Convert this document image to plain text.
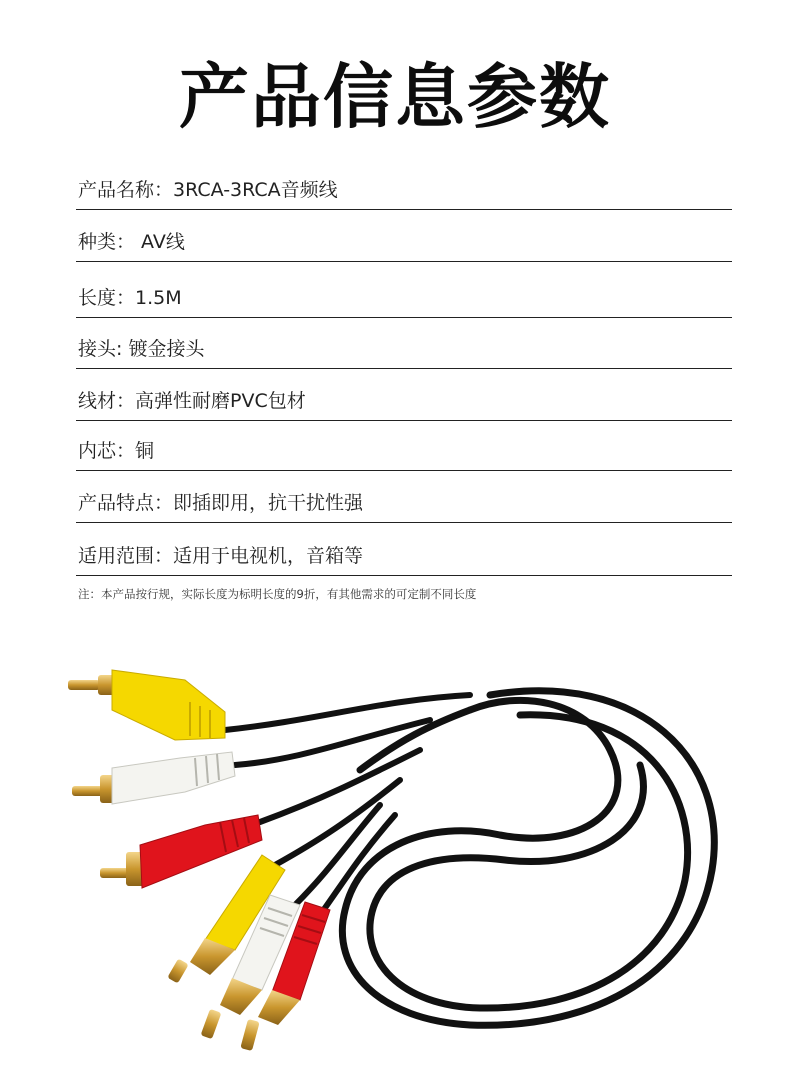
产品信息参数
产品名称：3RCA-3RCA音频线
种类： AV线
长度：1.5M
接头: 镀金接头
线材：高弹性耐磨PVC包材
内芯：铜
产品特点：即插即用，抗干扰性强
适用范围：适用于电视机，音箱等
注：本产品按行规，实际长度为标明长度的9折，有其他需求的可定制不同长度
